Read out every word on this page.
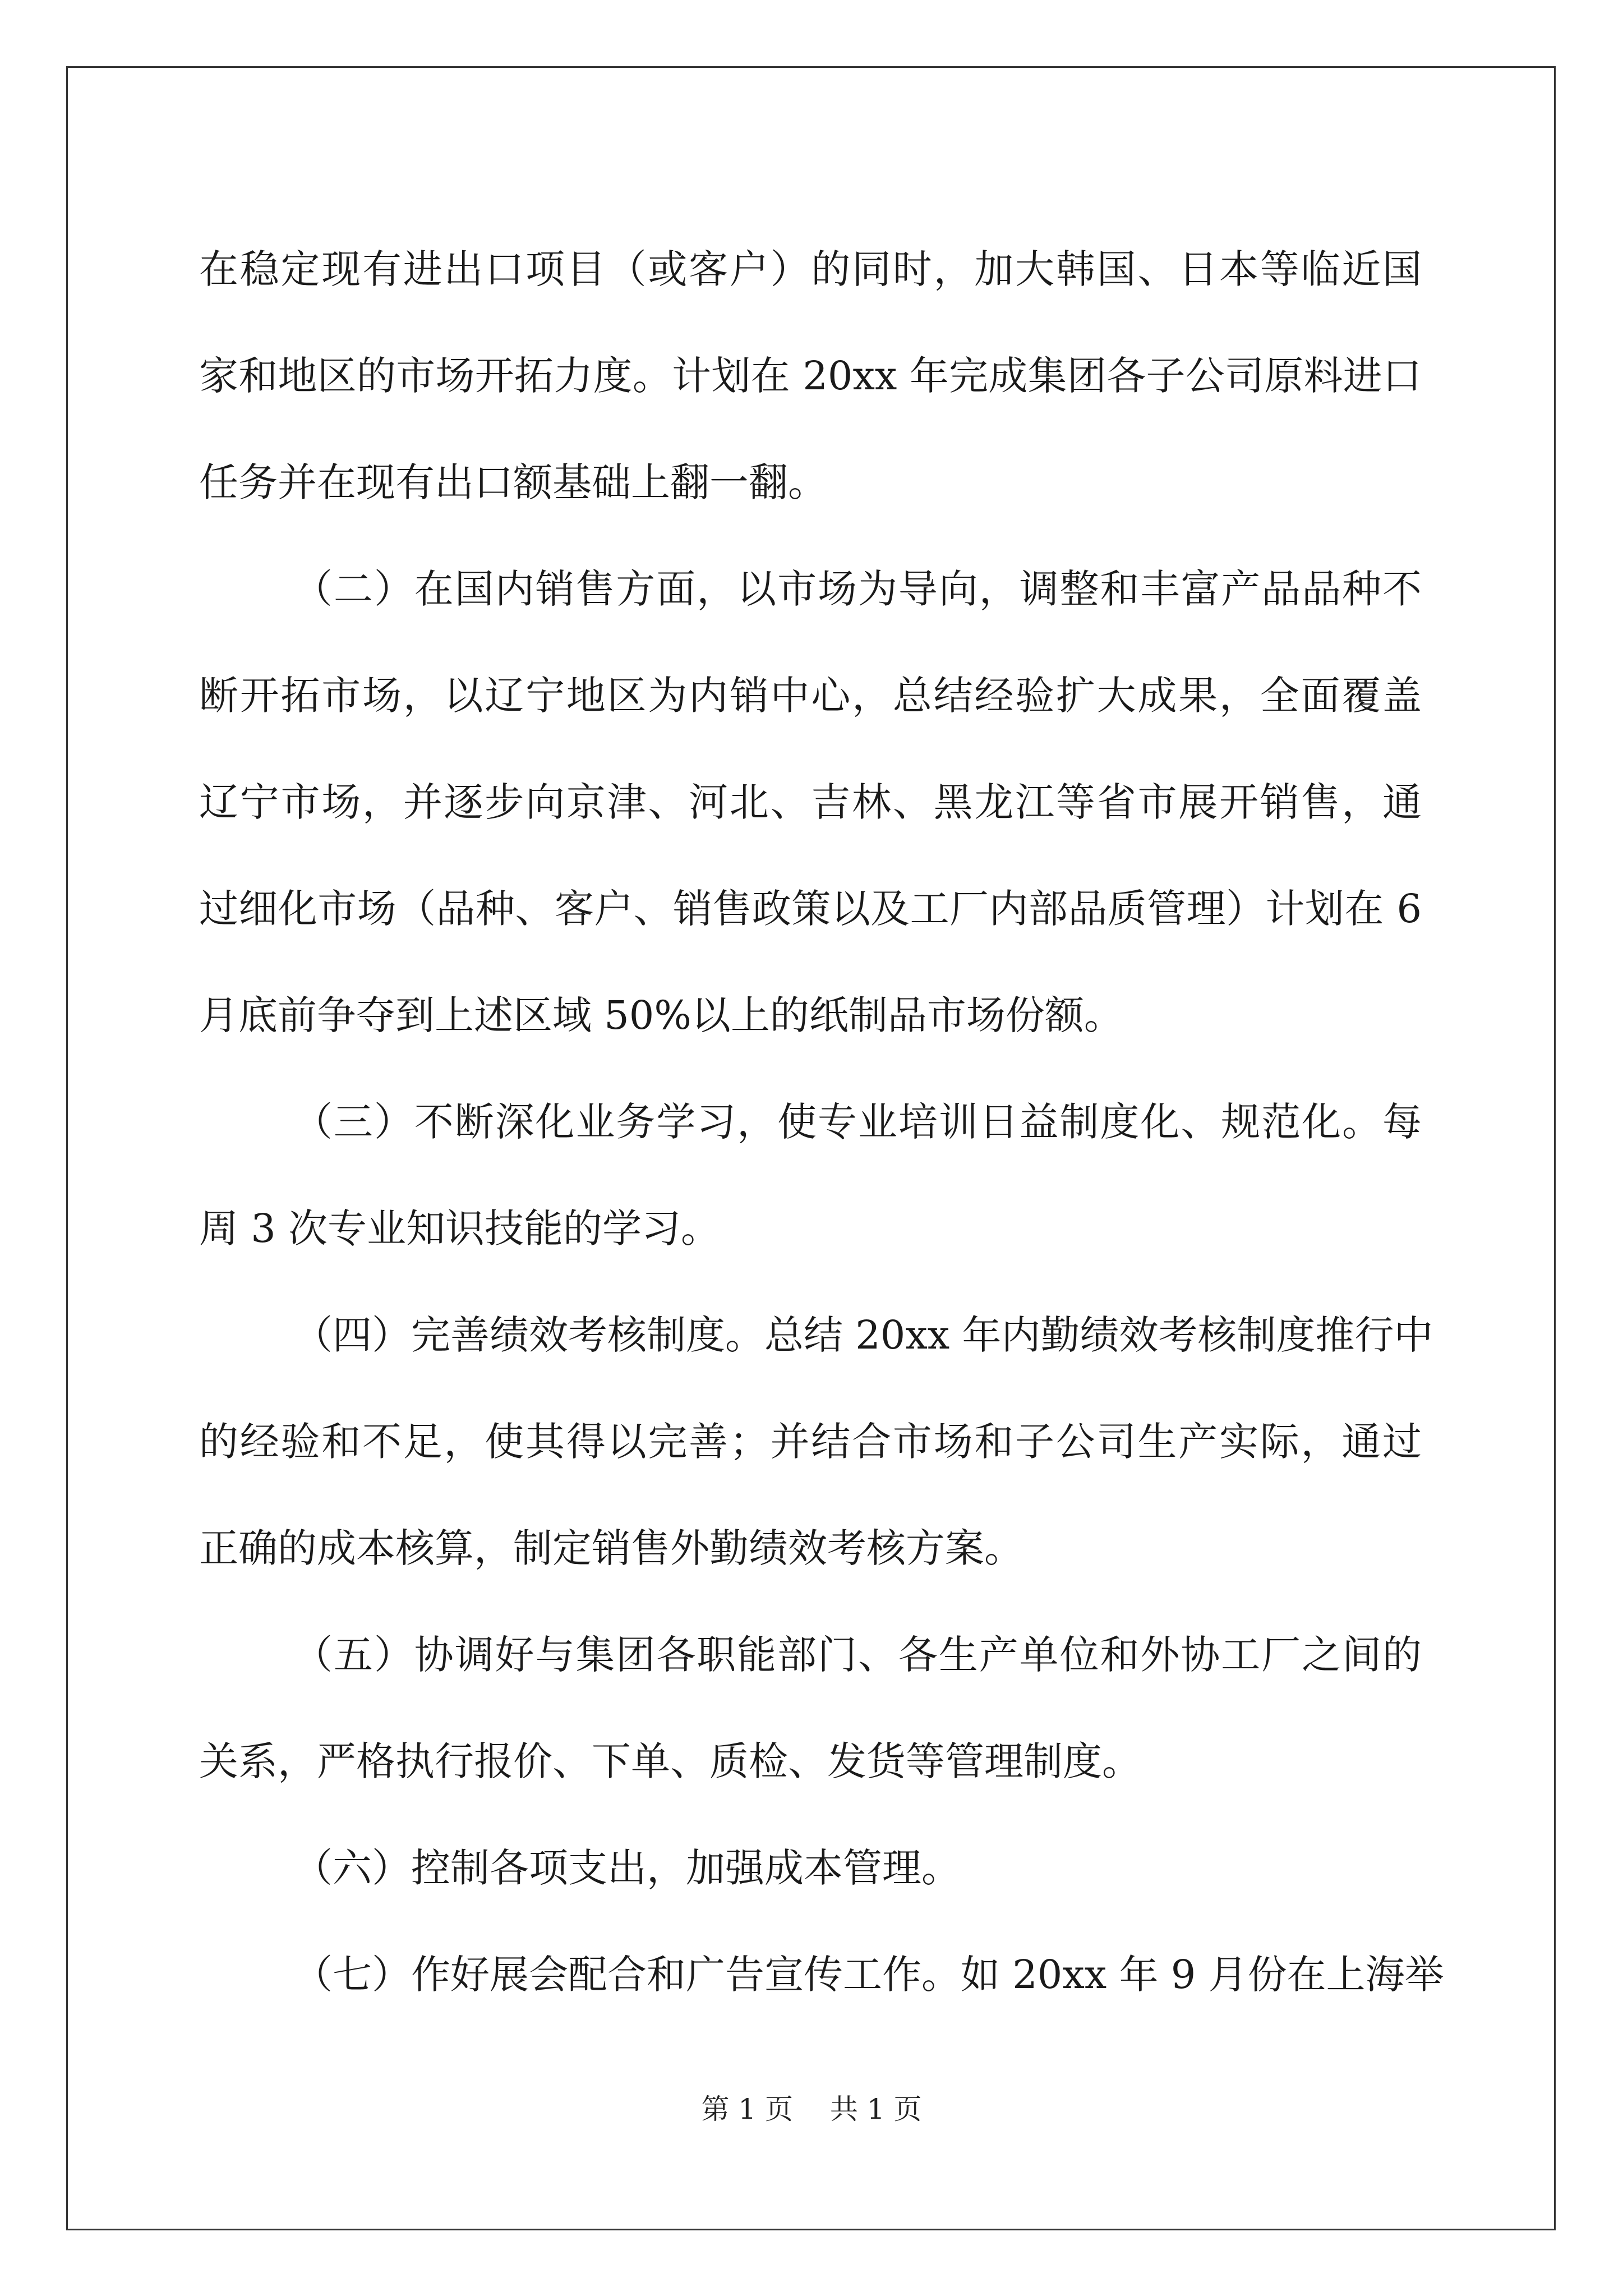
在稳定现有进出口项目（或客户）的同时，加大韩国、日本等临近国
家和地区的市场开拓力度。计划在 20xx 年完成集团各子公司原料进口
任务并在现有出口额基础上翻一翻。
（二）在国内销售方面，以市场为导向，调整和丰富产品品种不
断开拓市场，以辽宁地区为内销中心，总结经验扩大成果，全面覆盖
辽宁市场，并逐步向京津、河北、吉林、黑龙江等省市展开销售，通
过细化市场（品种、客户、销售政策以及工厂内部品质管理）计划在 6
月底前争夺到上述区域 50%以上的纸制品市场份额。
（三）不断深化业务学习，使专业培训日益制度化、规范化。每
周 3 次专业知识技能的学习。
（四）完善绩效考核制度。总结 20xx 年内勤绩效考核制度推行中
的经验和不足，使其得以完善；并结合市场和子公司生产实际，通过
正确的成本核算，制定销售外勤绩效考核方案。
（五）协调好与集团各职能部门、各生产单位和外协工厂之间的
关系，严格执行报价、下单、质检、发货等管理制度。
（六）控制各项支出，加强成本管理。
（七）作好展会配合和广告宣传工作。如 20xx 年 9 月份在上海举
第 1 页 共 1 页
